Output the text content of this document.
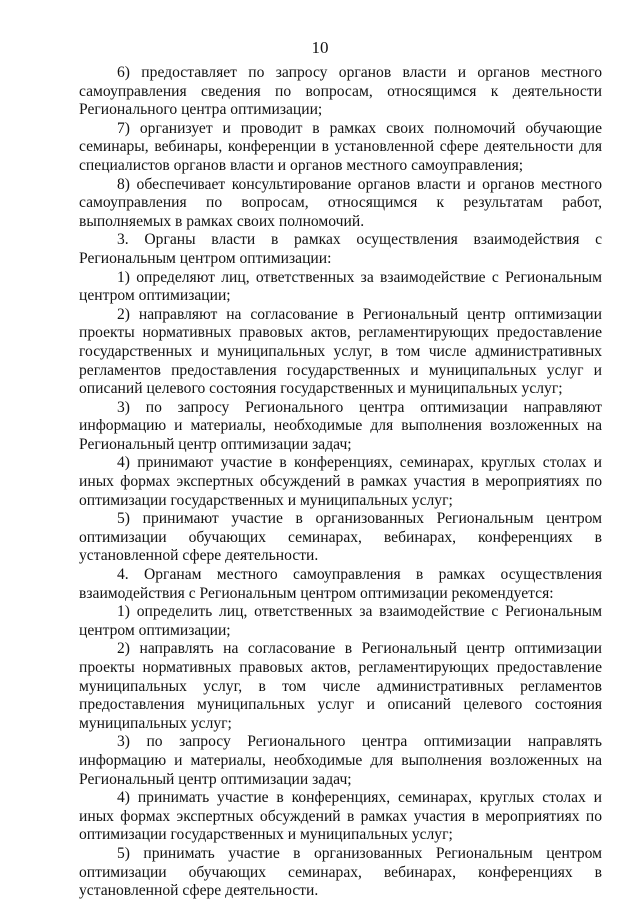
10

6) предоставляет по запросу органов власти и органов местного самоуправления сведения по вопросам, относящимся к деятельности Регионального центра оптимизации;

7) организует и проводит в рамках своих полномочий обучающие семинары, вебинары, конференции в установленной сфере деятельности для специалистов органов власти и органов местного самоуправления;

8) обеспечивает консультирование органов власти и органов местного самоуправления по вопросам, относящимся к результатам работ, выполняемых в рамках своих полномочий.

3. Органы власти в рамках осуществления взаимодействия с Региональным центром оптимизации:

1) определяют лиц, ответственных за взаимодействие с Региональным центром оптимизации;

2) направляют на согласование в Региональный центр оптимизации проекты нормативных правовых актов, регламентирующих предоставление государственных и муниципальных услуг, в том числе административных регламентов предоставления государственных и муниципальных услуг и описаний целевого состояния государственных и муниципальных услуг;

3) по запросу Регионального центра оптимизации направляют информацию и материалы, необходимые для выполнения возложенных на Региональный центр оптимизации задач;

4) принимают участие в конференциях, семинарах, круглых столах и иных формах экспертных обсуждений в рамках участия в мероприятиях по оптимизации государственных и муниципальных услуг;

5) принимают участие в организованных Региональным центром оптимизации обучающих семинарах, вебинарах, конференциях в установленной сфере деятельности.

4. Органам местного самоуправления в рамках осуществления взаимодействия с Региональным центром оптимизации рекомендуется:

1) определить лиц, ответственных за взаимодействие с Региональным центром оптимизации;

2) направлять на согласование в Региональный центр оптимизации проекты нормативных правовых актов, регламентирующих предоставление муниципальных услуг, в том числе административных регламентов предоставления муниципальных услуг и описаний целевого состояния муниципальных услуг;

3) по запросу Регионального центра оптимизации направлять информацию и материалы, необходимые для выполнения возложенных на Региональный центр оптимизации задач;

4) принимать участие в конференциях, семинарах, круглых столах и иных формах экспертных обсуждений в рамках участия в мероприятиях по оптимизации государственных и муниципальных услуг;

5) принимать участие в организованных Региональным центром оптимизации обучающих семинарах, вебинарах, конференциях в установленной сфере деятельности.
